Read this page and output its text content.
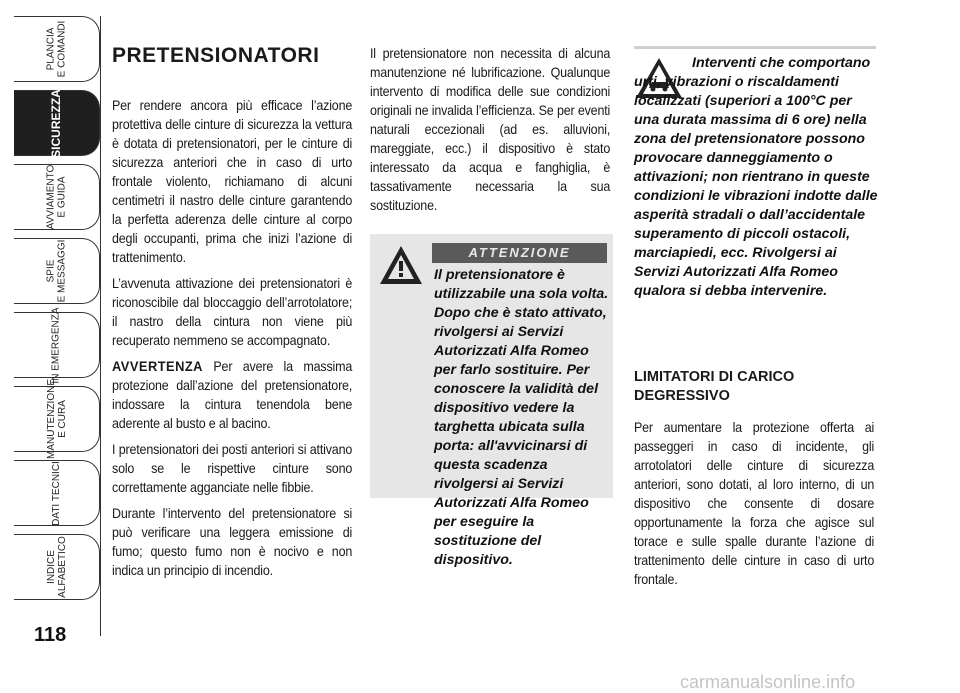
PLANCIA
E COMANDI
SICUREZZA
AVVIAMENTO
E GUIDA
SPIE
E MESSAGGI
IN EMERGENZA
MANUTENZIONE
E CURA
DATI TECNICI
INDICE
ALFABETICO
118
PRETENSIONATORI

Per rendere ancora più efficace l’azione protettiva delle cinture di sicurezza la vettura è dotata di pretensionatori, per le cinture di sicurezza anteriori che in caso di urto frontale violento, richiamano di alcuni centimetri il nastro delle cinture garantendo la perfetta aderenza delle cinture al corpo degli occupanti, prima che inizi l’azione di trattenimento.

L’avvenuta attivazione dei pretensionatori è riconoscibile dal bloccaggio dell’arrotolatore; il nastro della cintura non viene più recuperato nemmeno se accompagnato.

AVVERTENZA Per avere la massima protezione dall’azione del pretensionatore, indossare la cintura tenendola bene aderente al busto e al bacino.

I pretensionatori dei posti anteriori si attivano solo se le rispettive cinture sono correttamente agganciate nelle fibbie.

Durante l’intervento del pretensionatore si può verificare una leggera emissione di fumo; questo fumo non è nocivo e non indica un principio di incendio.

Il pretensionatore non necessita di alcuna manutenzione né lubrificazione. Qualunque intervento di modifica delle sue condizioni originali ne invalida l’efficienza. Se per eventi naturali eccezionali (ad es. alluvioni, mareggiate, ecc.) il dispositivo è stato interessato da acqua e fanghiglia, è tassativamente necessaria la sua sostituzione.

ATTENZIONE
Il pretensionatore è utilizzabile una sola volta. Dopo che è stato attivato, rivolgersi ai Servizi Autorizzati Alfa Romeo per farlo sostituire. Per conoscere la validità del dispositivo vedere la targhetta ubicata sulla porta: all'avvicinarsi di questa scadenza rivolgersi ai Servizi Autorizzati Alfa Romeo per eseguire la sostituzione del dispositivo.
Interventi che comportano urti, vibrazioni o riscaldamenti localizzati (superiori a 100°C per una durata massima di 6 ore) nella zona del pretensionatore possono provocare danneggiamento o attivazioni; non rientrano in queste condizioni le vibrazioni indotte dalle asperità stradali o dall’accidentale superamento di piccoli ostacoli, marciapiedi, ecc. Rivolgersi ai Servizi Autorizzati Alfa Romeo qualora si debba intervenire.
LIMITATORI DI CARICO DEGRESSIVO

Per aumentare la protezione offerta ai passeggeri in caso di incidente, gli arrotolatori delle cinture di sicurezza anteriori, sono dotati, al loro interno, di un dispositivo che consente di dosare opportunamente la forza che agisce sul torace e sulle spalle durante l’azione di trattenimento delle cinture in caso di urto frontale.

carmanualsonline.info
